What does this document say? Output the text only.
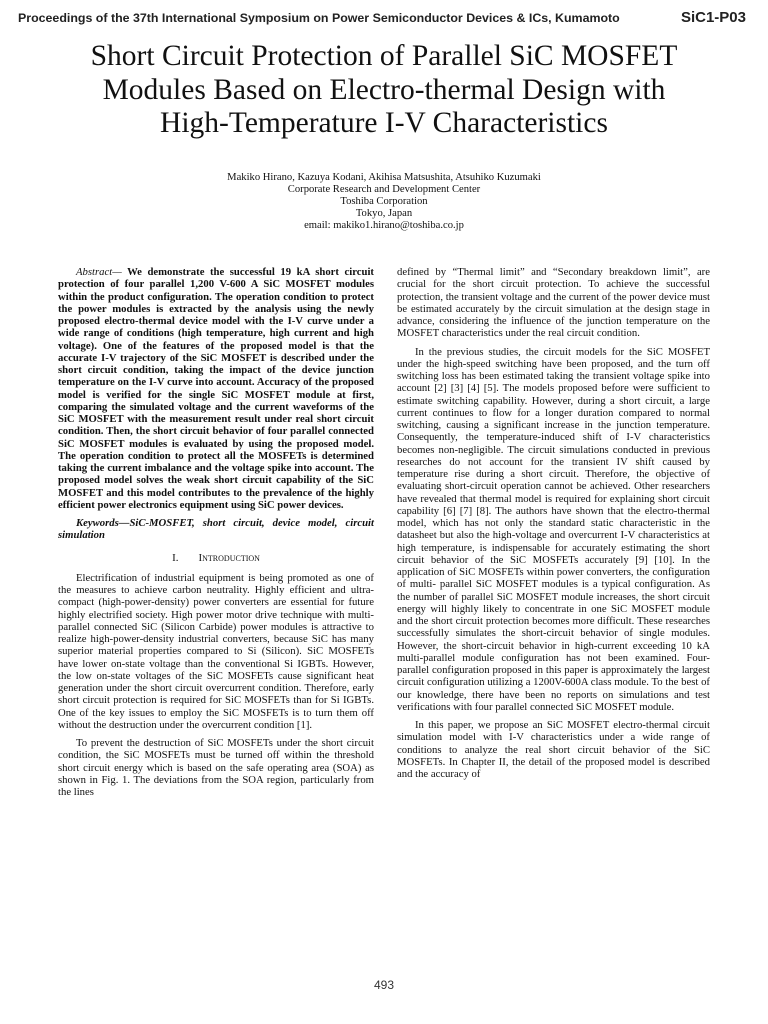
Proceedings of the 37th International Symposium on Power Semiconductor Devices & ICs, Kumamoto	SiC1-P03
Short Circuit Protection of Parallel SiC MOSFET
Modules Based on Electro-thermal Design with
High-Temperature I-V Characteristics
Makiko Hirano, Kazuya Kodani, Akihisa Matsushita, Atsuhiko Kuzumaki
Corporate Research and Development Center
Toshiba Corporation
Tokyo, Japan
email: makiko1.hirano@toshiba.co.jp

Abstract— We demonstrate the successful 19 kA short circuit protection of four parallel 1,200 V-600 A SiC MOSFET modules within the product configuration. The operation condition to protect the power modules is extracted by the analysis using the newly proposed electro-thermal device model with the I-V curve under a wide range of conditions (high temperature, high current and high voltage). One of the features of the proposed model is that the accurate I-V trajectory of the SiC MOSFET is described under the short circuit condition, taking the impact of the device junction temperature on the I-V curve into account. Accuracy of the proposed model is verified for the single SiC MOSFET module at first, comparing the simulated voltage and the current waveforms of the SiC MOSFET with the measurement result under real short circuit condition. Then, the short circuit behavior of four parallel connected SiC MOSFET modules is evaluated by using the proposed model. The operation condition to protect all the MOSFETs is determined taking the current imbalance and the voltage spike into account. The proposed model solves the weak short circuit capability of the SiC MOSFET and this model contributes to the prevalence of the highly efficient power electronics equipment using SiC power devices.

Keywords—SiC-MOSFET, short circuit, device model, circuit simulation

I. Introduction

Electrification of industrial equipment is being promoted as one of the measures to achieve carbon neutrality. Highly efficient and ultra-compact (high-power-density) power converters are essential for future highly electrified society. High power motor drive technique with multi-parallel connected SiC (Silicon Carbide) power modules is attractive to realize high-power-density industrial converters, because SiC has many superior material properties compared to Si (Silicon). SiC MOSFETs have lower on-state voltage than the conventional Si IGBTs. However, the low on-state voltages of the SiC MOSFETs cause significant heat generation under the short circuit overcurrent condition. Therefore, early short circuit protection is required for SiC MOSFETs than for Si IGBTs. One of the key issues to employ the SiC MOSFETs is to turn them off without the destruction under the overcurrent condition [1].

To prevent the destruction of SiC MOSFETs under the short circuit condition, the SiC MOSFETs must be turned off within the threshold short circuit energy which is based on the safe operating area (SOA) as shown in Fig. 1. The deviations from the SOA region, particularly from the lines

defined by “Thermal limit” and “Secondary breakdown limit”, are crucial for the short circuit protection. To achieve the successful protection, the transient voltage and the current of the power device must be estimated accurately by the circuit simulation at the design stage in advance, considering the influence of the junction temperature on the MOSFET characteristics under the real circuit condition.

In the previous studies, the circuit models for the SiC MOSFET under the high-speed switching have been proposed, and the turn off switching loss has been estimated taking the transient voltage spike into account [2] [3] [4] [5]. The models proposed before were sufficient to estimate switching capability. However, during a short circuit, a large current continues to flow for a longer duration compared to normal switching, causing a significant increase in the junction temperature. Consequently, the temperature-induced shift of I-V characteristics becomes non-negligible. The circuit simulations conducted in previous researches do not account for the transient IV shift caused by temperature rise during a short circuit. Therefore, the objective of evaluating short-circuit operation cannot be achieved. Other researchers have revealed that thermal model is required for explaining short circuit capability [6] [7] [8]. The authors have shown that the electro-thermal model, which has not only the standard static characteristic in the datasheet but also the high-voltage and overcurrent I-V characteristics at high temperature, is indispensable for accurately estimating the short circuit behavior of the SiC MOSFETs accurately [9] [10]. In the application of SiC MOSFETs within power converters, the configuration of multi- parallel SiC MOSFET modules is a typical configuration. As the number of parallel SiC MOSFET module increases, the short circuit energy will highly likely to concentrate in one SiC MOSFET module and the short circuit protection becomes more difficult. These researches successfully simulates the short-circuit behavior of single modules. However, the short-circuit behavior in high-current exceeding 10 kA multi-parallel module configuration has not been examined. Four-parallel configuration proposed in this paper is approximately the largest circuit configuration utilizing a 1200V-600A class module. To the best of our knowledge, there have been no reports on simulations and test verifications with four parallel connected SiC MOSFET module.

In this paper, we propose an SiC MOSFET electro-thermal circuit simulation model with I-V characteristics under a wide range of conditions to analyze the real short circuit behavior of the SiC MOSFETs. In Chapter II, the detail of the proposed model is described and the accuracy of

493
